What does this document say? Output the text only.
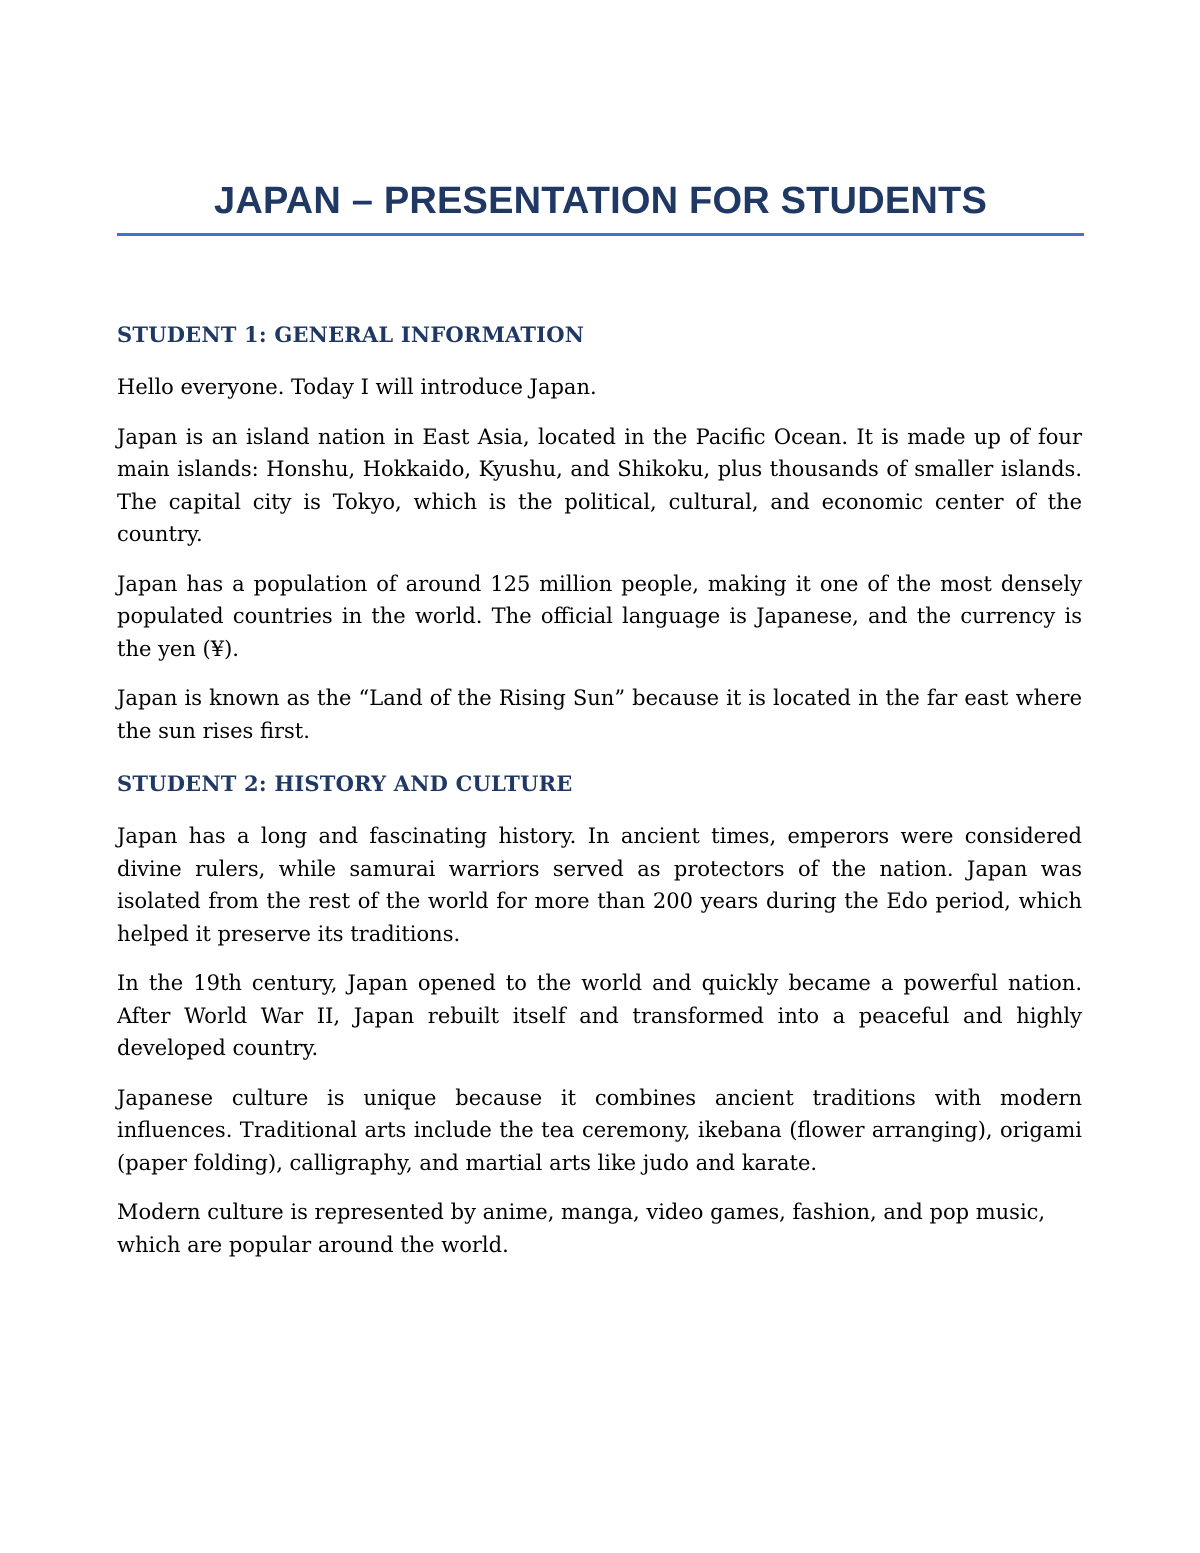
JAPAN – PRESENTATION FOR STUDENTS
STUDENT 1: GENERAL INFORMATION

Hello everyone. Today I will introduce Japan.

Japan is an island nation in East Asia, located in the Pacific Ocean. It is made up of four main islands: Honshu, Hokkaido, Kyushu, and Shikoku, plus thousands of smaller islands. The capital city is Tokyo, which is the political, cultural, and economic center of the country.

Japan has a population of around 125 million people, making it one of the most densely populated countries in the world. The official language is Japanese, and the currency is the yen (¥).

Japan is known as the “Land of the Rising Sun” because it is located in the far east where the sun rises first.

STUDENT 2: HISTORY AND CULTURE

Japan has a long and fascinating history. In ancient times, emperors were considered divine rulers, while samurai warriors served as protectors of the nation. Japan was isolated from the rest of the world for more than 200 years during the Edo period, which helped it preserve its traditions.

In the 19th century, Japan opened to the world and quickly became a powerful nation. After World War II, Japan rebuilt itself and transformed into a peaceful and highly developed country.

Japanese culture is unique because it combines ancient traditions with modern influences. Traditional arts include the tea ceremony, ikebana (flower arranging), origami (paper folding), calligraphy, and martial arts like judo and karate.

Modern culture is represented by anime, manga, video games, fashion, and pop music, which are popular around the world.
